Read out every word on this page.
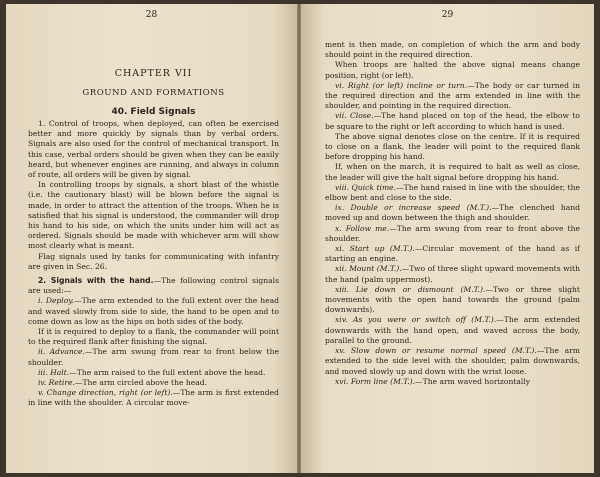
28
CHAPTER VII
GROUND AND FORMATIONS
40. Field Signals

1. Control of troops, when deployed, can often be exercised better and more quickly by signals than by verbal orders. Signals are also used for the control of mechanical transport. In this case, verbal orders should be given when they can be easily heard, but whenever engines are running, and always in column of route, all orders will be given by signal.

In controlling troops by signals, a short blast of the whistle (i.e. the cautionary blast) will be blown before the signal is made, in order to attract the attention of the troops. When he is satisfied that his signal is understood, the commander will drop his hand to his side, on which the units under him will act as ordered. Signals should be made with whichever arm will show most clearly what is meant.

Flag signals used by tanks for communicating with infantry are given in Sec. 26.

2. Signals with the hand.—The following control signals are used:—

i. Deploy.—The arm extended to the full extent over the head and waved slowly from side to side, the hand to be open and to come down as low as the hips on both sides of the body.

If it is required to deploy to a flank, the commander will point to the required flank after finishing the signal.

ii. Advance.—The arm swung from rear to front below the shoulder.

iii. Halt.—The arm raised to the full extent above the head.

iv. Retire.—The arm circled above the head.

v. Change direction, right (or left).—The arm is first extended in line with the shoulder. A circular move-

29

ment is then made, on completion of which the arm and body should point in the required direction.

When troops are halted the above signal means change position, right (or left).

vi. Right (or left) incline or turn.—The body or car turned in the required direction and the arm extended in line with the shoulder, and pointing in the required direction.

vii. Close.—The hand placed on top of the head, the elbow to be square to the right or left according to which hand is used.

The above signal denotes close on the centre. If it is required to close on a flank, the leader will point to the required flank before dropping his hand.

If, when on the march, it is required to halt as well as close, the leader will give the halt signal before dropping his hand.

viii. Quick time.—The hand raised in line with the shoulder, the elbow bent and close to the side.

ix. Double or increase speed (M.T.).—The clenched hand moved up and down between the thigh and shoulder.

x. Follow me.—The arm swung from rear to front above the shoulder.

xi. Start up (M.T.).—Circular movement of the hand as if starting an engine.

xii. Mount (M.T.).—Two of three slight upward movements with the hand (palm uppermost).

xiii. Lie down or dismount (M.T.).—Two or three slight movements with the open hand towards the ground (palm downwards).

xiv. As you were or switch off (M.T.).—The arm extended downwards with the hand open, and waved across the body, parallel to the ground.

xv. Slow down or resume normal speed (M.T.).—The arm extended to the side level with the shoulder, palm downwards, and moved slowly up and down with the wrist loose.

xvi. Form line (M.T.).—The arm waved horizontally
